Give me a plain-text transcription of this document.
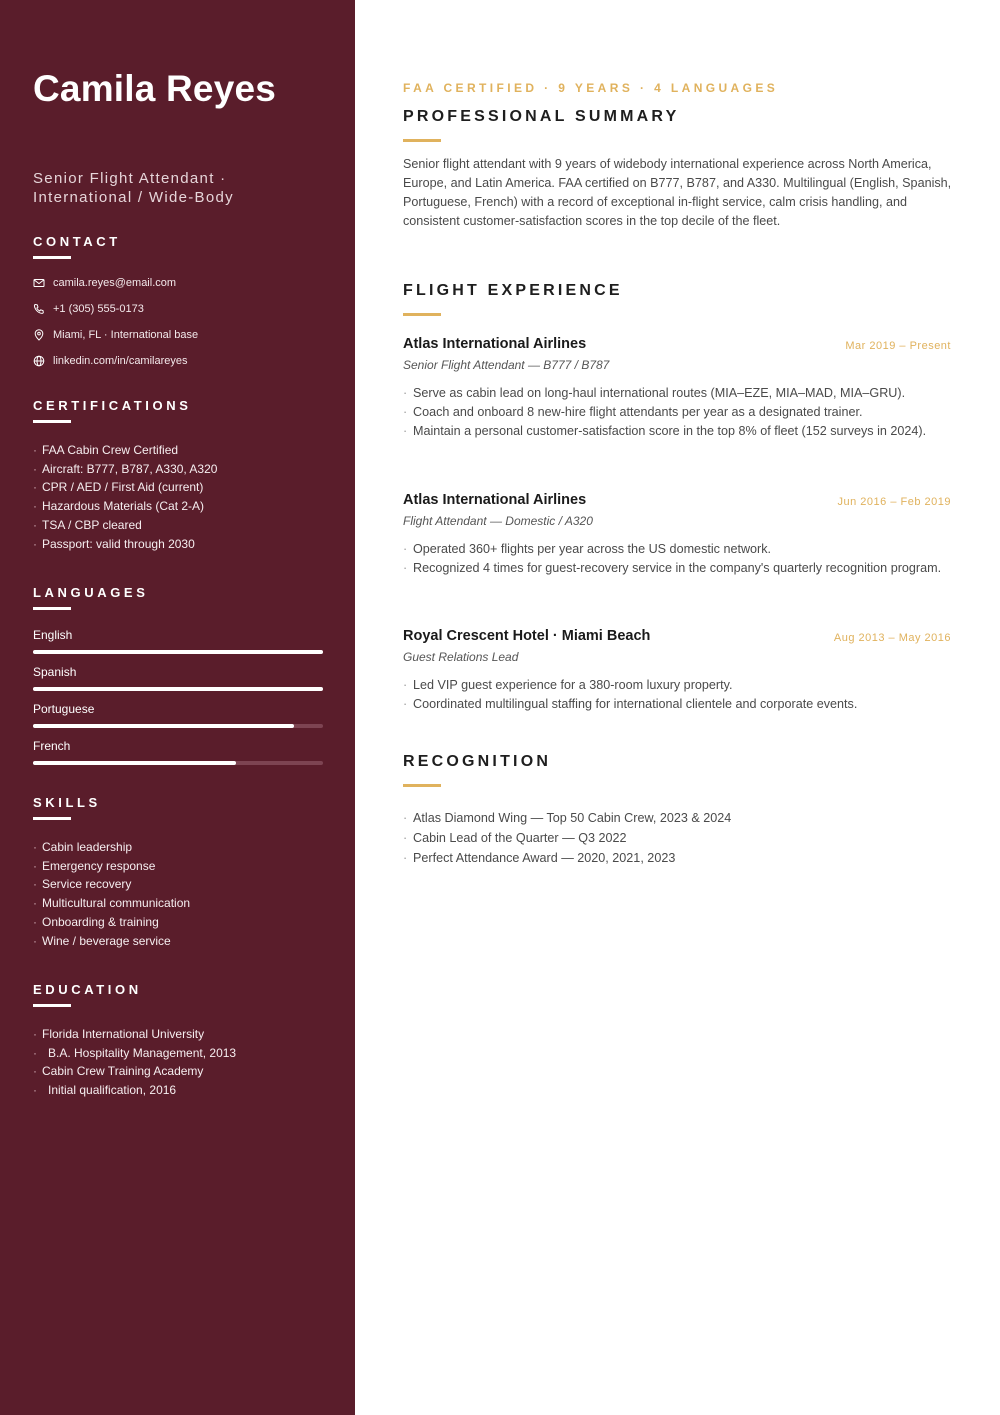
Camila Reyes
Senior Flight Attendant ·
International / Wide-Body
CONTACT
camila.reyes@email.com
+1 (305) 555-0173
Miami, FL · International base
linkedin.com/in/camilareyes
CERTIFICATIONS
· FAA Cabin Crew Certified
· Aircraft: B777, B787, A330, A320
· CPR / AED / First Aid (current)
· Hazardous Materials (Cat 2-A)
· TSA / CBP cleared
· Passport: valid through 2030
LANGUAGES
English
Spanish
Portuguese
French
SKILLS
· Cabin leadership
· Emergency response
· Service recovery
· Multicultural communication
· Onboarding & training
· Wine / beverage service
EDUCATION
· Florida International University
· B.A. Hospitality Management, 2013
· Cabin Crew Training Academy
· Initial qualification, 2016
FAA CERTIFIED · 9 YEARS · 4 LANGUAGES
PROFESSIONAL SUMMARY

Senior flight attendant with 9 years of widebody international experience across North America, Europe, and Latin America. FAA certified on B777, B787, and A330. Multilingual (English, Spanish, Portuguese, French) with a record of exceptional in-flight service, calm crisis handling, and consistent customer-satisfaction scores in the top decile of the fleet.

FLIGHT EXPERIENCE
Atlas International Airlines	Mar 2019 – Present
Senior Flight Attendant — B777 / B787
· Serve as cabin lead on long-haul international routes (MIA–EZE, MIA–MAD, MIA–GRU).
· Coach and onboard 8 new-hire flight attendants per year as a designated trainer.
· Maintain a personal customer-satisfaction score in the top 8% of fleet (152 surveys in 2024).
Atlas International Airlines	Jun 2016 – Feb 2019
Flight Attendant — Domestic / A320
· Operated 360+ flights per year across the US domestic network.
· Recognized 4 times for guest-recovery service in the company's quarterly recognition program.
Royal Crescent Hotel · Miami Beach	Aug 2013 – May 2016
Guest Relations Lead
· Led VIP guest experience for a 380-room luxury property.
· Coordinated multilingual staffing for international clientele and corporate events.
RECOGNITION
· Atlas Diamond Wing — Top 50 Cabin Crew, 2023 & 2024
· Cabin Lead of the Quarter — Q3 2022
· Perfect Attendance Award — 2020, 2021, 2023
